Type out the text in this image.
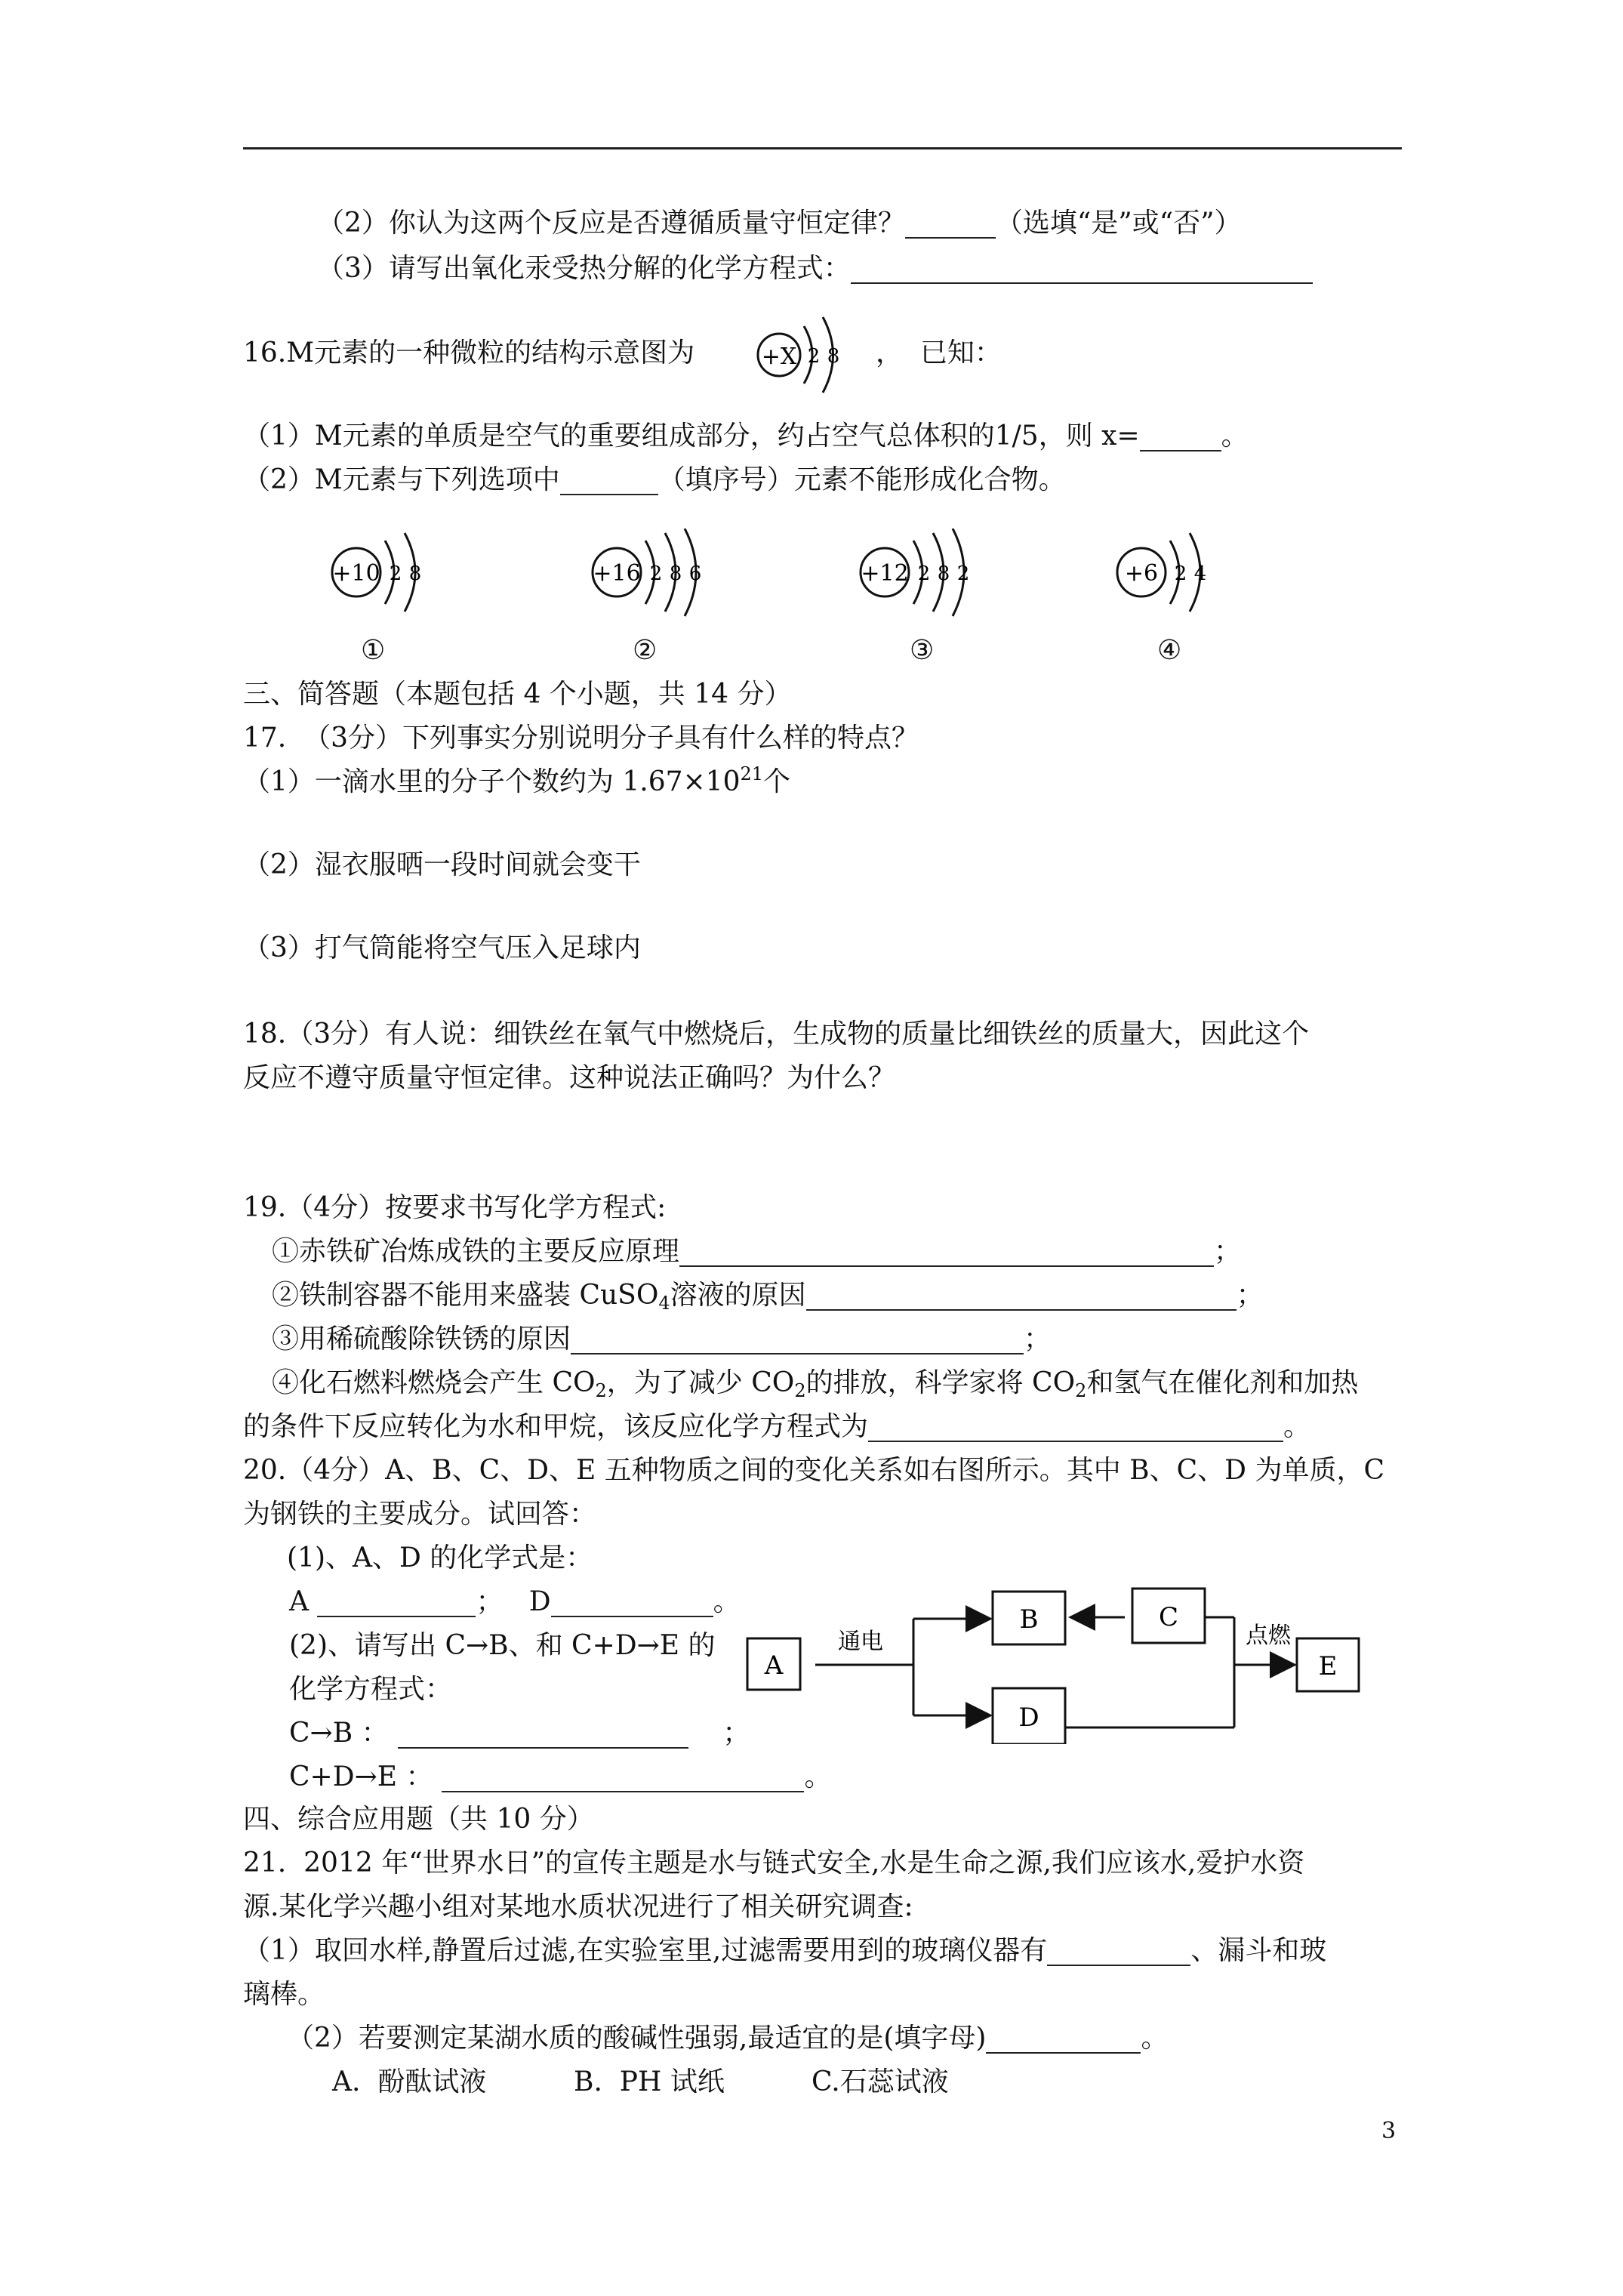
（2）你认为这两个反应是否遵循质量守恒定律？	（选填“是”或“否”）
（3）请写出氧化汞受热分解的化学方程式：
16.M元素的一种微粒的结构示意图为	+X 2 8 ，  已知：
（1）M元素的单质是空气的重要组成部分，约占空气总体积的1/5，则 x=	。
（2）M元素与下列选项中	（填序号）元素不能形成化合物。
+10 2 8	+16 2 8 6	+12 2 8 2	+6 2 4
①	②	③	④
三、简答题（本题包括 4 个小题，共 14 分）
17.  （3分）下列事实分别说明分子具有什么样的特点？
（1）一滴水里的分子个数约为 $1.67\times 10^{21}$个
（2）湿衣服晒一段时间就会变干
（3）打气筒能将空气压入足球内
18.（3分）有人说：细铁丝在氧气中燃烧后，生成物的质量比细铁丝的质量大，因此这个
反应不遵守质量守恒定律。这种说法正确吗？为什么？
19.（4分）按要求书写化学方程式:
①赤铁矿冶炼成铁的主要反应原理	；
②铁制容器不能用来盛装 CuSO$_4$溶液的原因	；
③用稀硫酸除铁锈的原因	；
④化石燃料燃烧会产生 $CO_2$，为了减少 $CO_2$的排放，科学家将 $CO_2$和氢气在催化剂和加热
的条件下反应转化为水和甲烷，该反应化学方程式为	。
20.（4分）A、B、C、D、E 五种物质之间的变化关系如右图所示。其中 B、C、D 为单质，C
为钢铁的主要成分。试回答：
(1)、A、D 的化学式是：
A	；   D	。
(2)、请写出 C→B、和 C+D→E 的
化学方程式：
C→B ：	；
C+D→E ：	。
A
B	C
D
E
通电	点燃
四、综合应用题（共 10 分）
21.  2012 年“世界水日”的宣传主题是水与链式安全,水是生命之源,我们应该水,爱护水资
源.某化学兴趣小组对某地水质状况进行了相关研究调查:
（1）取回水样,静置后过滤,在实验室里,过滤需要用到的玻璃仪器有	、漏斗和玻
璃棒。
（2）若要测定某湖水质的酸碱性强弱,最适宜的是(填字母)	。
A.  酚酞试液	B.  PH 试纸	C.石蕊试液
3
